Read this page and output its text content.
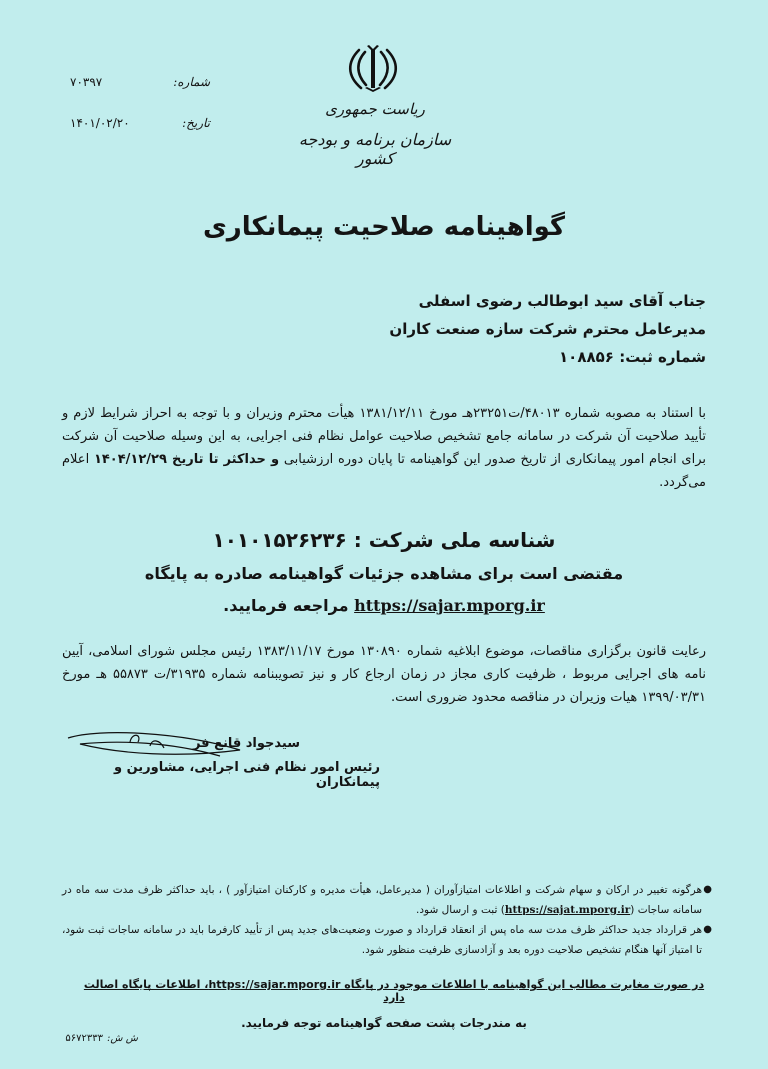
ریاست جمهوری
سازمان برنامه و بودجه کشور
شماره:
۷۰۳۹۷
تاریخ:
۱۴۰۱/۰۲/۲۰
گواهینامه صلاحیت پیمانکاری
جناب آقای سید ابوطالب رضوی اسفلی
مدیرعامل محترم شرکت سازه صنعت کاران
شماره ثبت: ۱۰۸۸۵۶
با استناد به مصوبه شماره ۴۸۰۱۳/ت۲۳۲۵۱هـ مورخ ۱۳۸۱/۱۲/۱۱ هیأت محترم وزیران و با توجه به احراز شرایط لازم و تأیید صلاحیت آن شرکت در سامانه جامع تشخیص صلاحیت عوامل نظام فنی اجرایی، به این وسیله صلاحیت آن شرکت برای انجام امور پیمانکاری از تاریخ صدور این گواهینامه تا پایان دوره ارزشیابی و حداکثر تا تاریخ ۱۴۰۴/۱۲/۲۹ اعلام می‌گردد.
شناسه ملی شرکت : ۱۰۱۰۱۵۲۶۲۳۶
مقتضی است برای مشاهده جزئیات گواهینامه صادره به پایگاه
https://sajar.mporg.ir مراجعه فرمایید.
رعایت قانون برگزاری مناقصات، موضوع ابلاغیه شماره ۱۳۰۸۹۰ مورخ ۱۳۸۳/۱۱/۱۷ رئیس مجلس شورای اسلامی، آیین نامه های اجرایی مربوط ، ظرفیت کاری مجاز در زمان ارجاع کار و نیز تصویبنامه شماره ۳۱۹۳۵/ت ۵۵۸۷۳ هـ مورخ ۱۳۹۹/۰۳/۳۱ هیات وزیران در مناقصه محدود ضروری است.
سیدجواد قانع فر
رئیس امور نظام فنی اجرایی، مشاورین و پیمانکاران
●
هرگونه تغییر در ارکان و سهام شرکت و اطلاعات امتیازآوران ( مدیرعامل، هیأت مدیره و کارکنان امتیازآور ) ، باید حداکثر ظرف مدت سه ماه در سامانه ساجات (https://sajat.mporg.ir) ثبت و ارسال شود.
●
هر قرارداد جدید حداکثر ظرف مدت سه ماه پس از انعقاد قرارداد و صورت وضعیت‌های جدید پس از تأیید کارفرما باید در سامانه ساجات ثبت شود، تا امتیاز آنها هنگام تشخیص صلاحیت دوره بعد و آزادسازی ظرفیت منظور شود.
در صورت مغایرت مطالب این گواهینامه با اطلاعات موجود در پایگاه https://sajar.mporg.ir، اطلاعات پایگاه اصالت دارد
به مندرجات پشت صفحه گواهینامه توجه فرمایید.
ش ش:
۵۶۷۲۳۳۳
